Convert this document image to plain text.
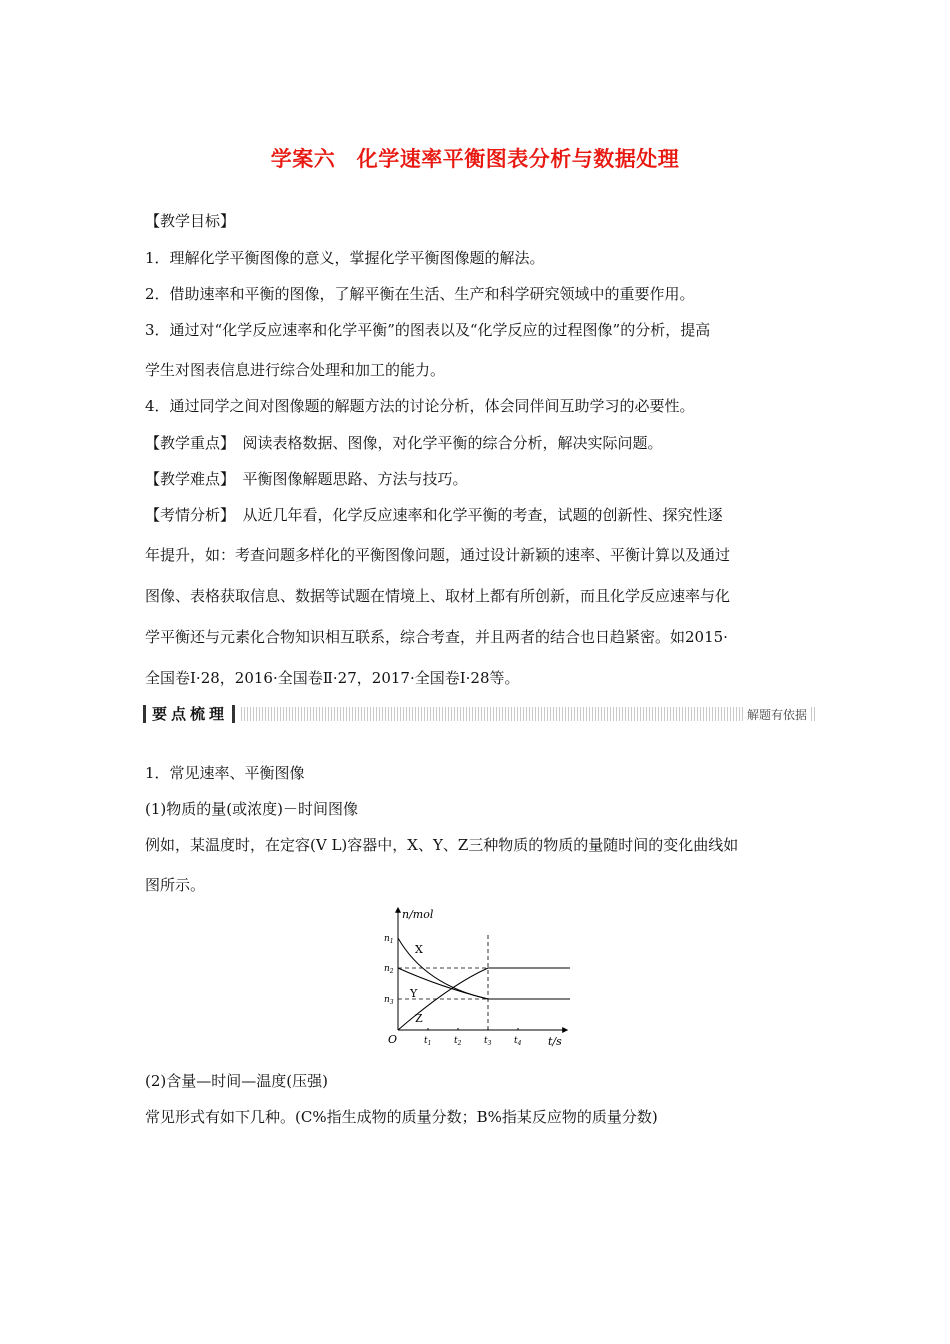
学案六　化学速率平衡图表分析与数据处理
【教学目标】
1．理解化学平衡图像的意义，掌握化学平衡图像题的解法。
2．借助速率和平衡的图像，了解平衡在生活、生产和科学研究领域中的重要作用。
3．通过对“化学反应速率和化学平衡”的图表以及“化学反应的过程图像”的分析，提高
学生对图表信息进行综合处理和加工的能力。
4．通过同学之间对图像题的解题方法的讨论分析，体会同伴间互助学习的必要性。
【教学重点】　阅读表格数据、图像，对化学平衡的综合分析，解决实际问题。
【教学难点】　平衡图像解题思路、方法与技巧。
【考情分析】　从近几年看，化学反应速率和化学平衡的考查，试题的创新性、探究性逐
年提升，如：考查问题多样化的平衡图像问题，通过设计新颖的速率、平衡计算以及通过
图像、表格获取信息、数据等试题在情境上、取材上都有所创新，而且化学反应速率与化
学平衡还与元素化合物知识相互联系，综合考查，并且两者的结合也日趋紧密。如2015·
全国卷Ⅰ·28，2016·全国卷Ⅱ·27，2017·全国卷Ⅰ·28等。
要点梳理	解题有依据
1．常见速率、平衡图像
(1)物质的量(或浓度)－时间图像
例如，某温度时，在定容(V L)容器中，X、Y、Z三种物质的物质的量随时间的变化曲线如
图所示。
n/mol
t/s
O
$n_1$
$n_2$
$n_3$
$t_1$	$t_2$	$t_3$	$t_4$
X
Y
Z
(2)含量—时间—温度(压强)
常见形式有如下几种。(C%指生成物的质量分数；B%指某反应物的质量分数)
